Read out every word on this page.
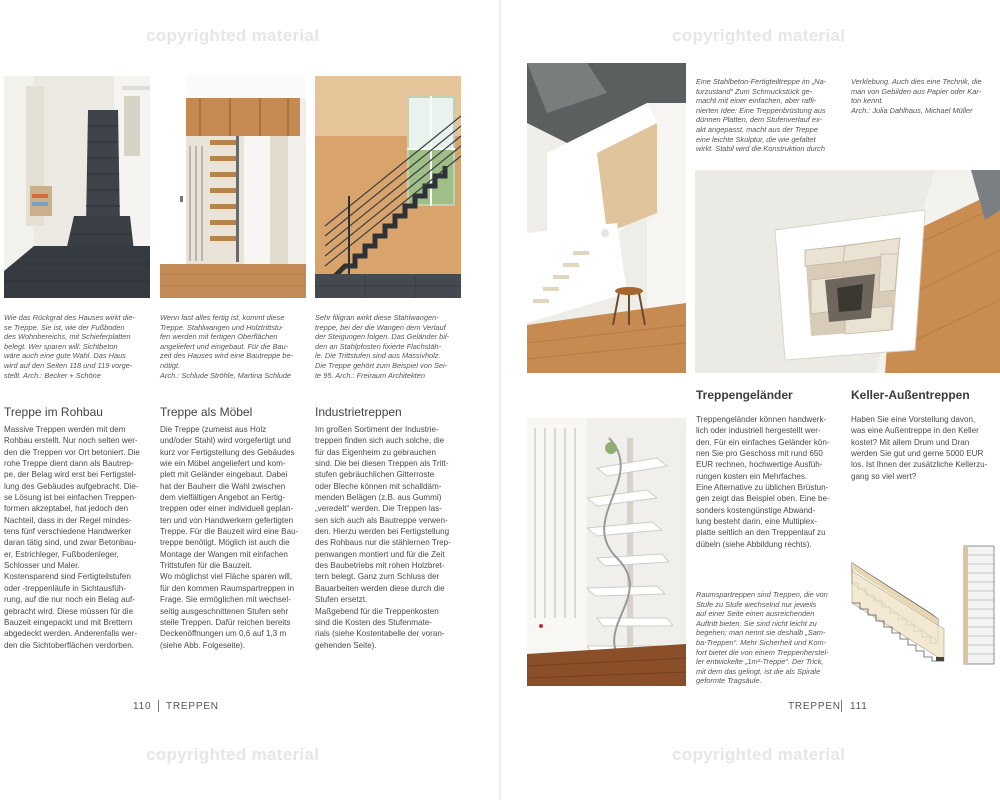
copyrighted material	copyrighted material
copyrighted material	copyrighted material

Wie das Rückgrat des Hauses wirkt die-
se Treppe. Sie ist, wie der Fußboden
des Wohnbereichs, mit Schieferplatten
belegt. Wer sparen will: Sichtbeton
wäre auch eine gute Wahl. Das Haus
wird auf den Seiten 118 und 119 vorge-
stellt. Arch.: Becker + Schöne

Wenn fast alles fertig ist, kommt diese
Treppe. Stahlwangen und Holztrittstu-
fen werden mit fertigen Oberflächen
angeliefert und eingebaut. Für die Bau-
zeit des Hauses wird eine Bautreppe be-
nötigt.
Arch.: Schlude Ströhle, Martina Schlude

Sehr filigran wirkt diese Stahlwangen-
treppe, bei der die Wangen dem Verlauf
der Steigungen folgen. Das Geländer bil-
den an Stahlpfosten fixierte Flachstäh-
le. Die Trittstufen sind aus Massivholz.
Die Treppe gehört zum Beispiel von Sei-
te 95. Arch.: Freiraum Architekten

Treppe im Rohbau

Massive Treppen werden mit dem
Rohbau erstellt. Nur noch selten wer-
den die Treppen vor Ort betoniert. Die
rohe Treppe dient dann als Bautrep-
pe, der Belag wird erst bei Fertigstel-
lung des Gebäudes aufgebracht. Die-
se Lösung ist bei einfachen Treppen-
formen akzeptabel, hat jedoch den
Nachteil, dass in der Regel mindes-
tens fünf verschiedene Handwerker
daran tätig sind, und zwar Betonbau-
er, Estrichleger, Fußbodenleger,
Schlosser und Maler.

Kostensparend sind Fertigteilstufen
oder -treppenläufe in Sichtausfüh-
rung, auf die nur noch ein Belag auf-
gebracht wird. Diese müssen für die
Bauzeit eingepackt und mit Brettern
abgedeckt werden. Anderenfalls wer-
den die Sichtoberflächen verdorben.

Treppe als Möbel

Die Treppe (zumeist aus Holz
und/oder Stahl) wird vorgefertigt und
kurz vor Fertigstellung des Gebäudes
wie ein Möbel angeliefert und kom-
plett mit Geländer eingebaut. Dabei
hat der Bauherr die Wahl zwischen
dem vielfältigen Angebot an Fertig-
treppen oder einer individuell geplan-
ten und von Handwerkern gefertigten
Treppe. Für die Bauzeit wird eine Bau-
treppe benötigt. Möglich ist auch die
Montage der Wangen mit einfachen
Trittstufen für die Bauzeit.

Wo möglichst viel Fläche sparen will,
für den kommen Raumspartreppen in
Frage. Sie ermöglichen mit wechsel-
seitig ausgeschnittenen Stufen sehr
steile Treppen. Dafür reichen bereits
Deckenöffnungen um 0,6 auf 1,3 m
(siehe Abb. Folgeseite).

Industrietreppen

Im großen Sortiment der Industrie-
treppen finden sich auch solche, die
für das Eigenheim zu gebrauchen
sind. Die bei diesen Treppen als Tritt-
stufen gebräuchlichen Gitterroste
oder Bleche können mit schalldäm-
menden Belägen (z.B. aus Gummi)
„veredelt“ werden. Die Treppen las-
sen sich auch als Bautreppe verwen-
den. Hierzu werden bei Fertigstellung
des Rohbaus nur die stählernen Trep-
penwangen montiert und für die Zeit
des Baubetriebs mit rohen Holzbret-
tern belegt. Ganz zum Schluss der
Bauarbeiten werden diese durch die
Stufen ersetzt.

Maßgebend für die Treppenkosten
sind die Kosten des Stufenmate-
rials (siehe Kostentabelle der voran-
gehenden Seite).

110 TREPPEN

Eine Stahlbeton-Fertigteiltreppe im „Na-
turzustand“ Zum Schmuckstück ge-
macht mit einer einfachen, aber raffi-
nierten Idee: Eine Treppenbrüstung aus
dünnen Platten, dem Stufenverlauf ex-
akt angepasst, macht aus der Treppe
eine leichte Skulptur, die wie gefaltet
wirkt. Stabil wird die Konstruktion durch

Verklebung. Auch dies eine Technik, die
man von Gebilden aus Papier oder Kar-
ton kennt.
Arch.: Julia Dahlhaus, Michael Müller

Treppengeländer

Treppengeländer können handwerk-
lich oder industriell hergestellt wer-
den. Für ein einfaches Geländer kön-
nen Sie pro Geschoss mit rund 650
EUR rechnen, hochwertige Ausfüh-
rungen kosten ein Mehrfaches.

Eine Alternative zu üblichen Brüstun-
gen zeigt das Beispiel oben. Eine be-
sonders kostengünstige Abwand-
lung besteht darin, eine Multiplex-
platte seitlich an den Treppenlauf zu
dübeln (siehe Abbildung rechts).

Raumspartreppen sind Treppen, die von
Stufe zu Stufe wechselnd nur jeweils
auf einer Seite einen ausreichenden
Auftritt bieten. Sie sind nicht leicht zu
begehen; man nennt sie deshalb „Sam-
ba-Treppen“. Mehr Sicherheit und Kom-
fort bietet die von einem Treppenherstel-
ler entwickelte „1m²-Treppe“. Der Trick,
mit dem das gelingt, ist die als Spirale
geformte Tragsäule.

Keller-Außentreppen

Haben Sie eine Vorstellung davon,
was eine Außentreppe in den Keller
kostet? Mit allem Drum und Dran
werden Sie gut und gerne 5000 EUR
los. Ist Ihnen der zusätzliche Kellerzu-
gang so viel wert?

TREPPEN 111
